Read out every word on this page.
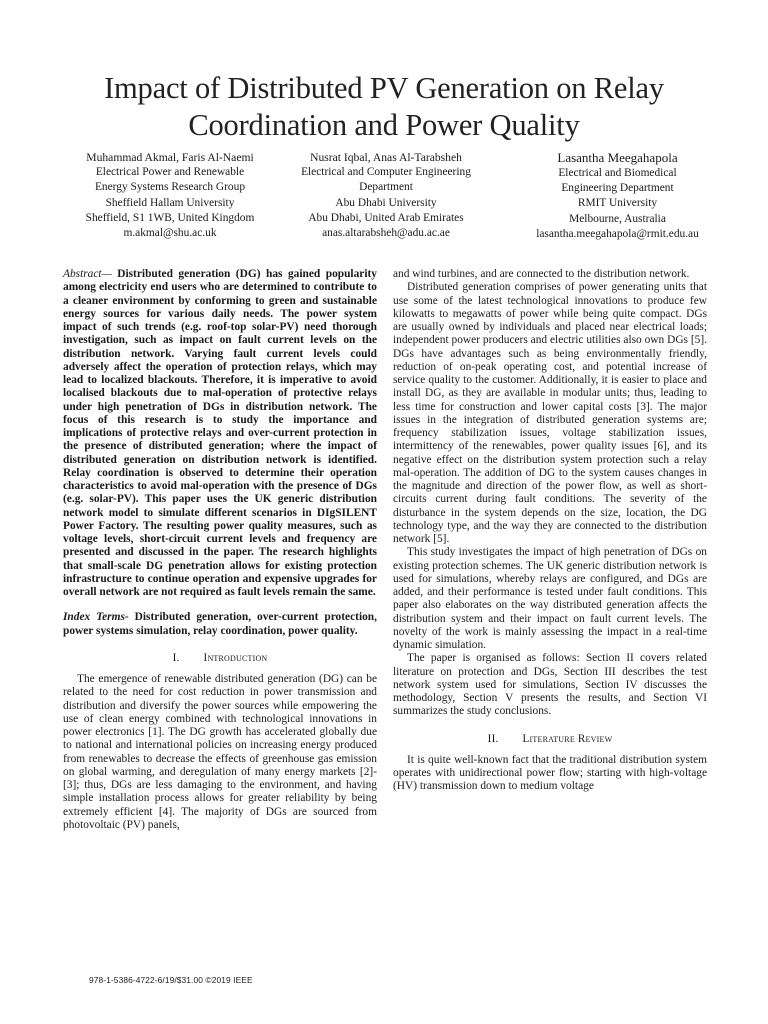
Impact of Distributed PV Generation on Relay
Coordination and Power Quality
Muhammad Akmal, Faris Al-Naemi
Electrical Power and Renewable
Energy Systems Research Group
Sheffield Hallam University
Sheffield, S1 1WB, United Kingdom
m.akmal@shu.ac.uk
Nusrat Iqbal, Anas Al-Tarabsheh
Electrical and Computer Engineering
Department
Abu Dhabi University
Abu Dhabi, United Arab Emirates
anas.altarabsheh@adu.ac.ae
Lasantha Meegahapola
Electrical and Biomedical
Engineering Department
RMIT University
Melbourne, Australia
lasantha.meegahapola@rmit.edu.au

Abstract— Distributed generation (DG) has gained popularity among electricity end users who are determined to contribute to a cleaner environment by conforming to green and sustainable energy sources for various daily needs. The power system impact of such trends (e.g. roof-top solar-PV) need thorough investigation, such as impact on fault current levels on the distribution network. Varying fault current levels could adversely affect the operation of protection relays, which may lead to localized blackouts. Therefore, it is imperative to avoid localised blackouts due to mal-operation of protective relays under high penetration of DGs in distribution network. The focus of this research is to study the importance and implications of protective relays and over-current protection in the presence of distributed generation; where the impact of distributed generation on distribution network is identified. Relay coordination is observed to determine their operation characteristics to avoid mal-operation with the presence of DGs (e.g. solar-PV). This paper uses the UK generic distribution network model to simulate different scenarios in DIgSILENT Power Factory. The resulting power quality measures, such as voltage levels, short-circuit current levels and frequency are presented and discussed in the paper. The research highlights that small-scale DG penetration allows for existing protection infrastructure to continue operation and expensive upgrades for overall network are not required as fault levels remain the same.

Index Terms- Distributed generation, over-current protection, power systems simulation, relay coordination, power quality.

I. Introduction

The emergence of renewable distributed generation (DG) can be related to the need for cost reduction in power transmission and distribution and diversify the power sources while empowering the use of clean energy combined with technological innovations in power electronics [1]. The DG growth has accelerated globally due to national and international policies on increasing energy produced from renewables to decrease the effects of greenhouse gas emission on global warming, and deregulation of many energy markets [2]-[3]; thus, DGs are less damaging to the environment, and having simple installation process allows for greater reliability by being extremely efficient [4]. The majority of DGs are sourced from photovoltaic (PV) panels,

and wind turbines, and are connected to the distribution network.

Distributed generation comprises of power generating units that use some of the latest technological innovations to produce few kilowatts to megawatts of power while being quite compact. DGs are usually owned by individuals and placed near electrical loads; independent power producers and electric utilities also own DGs [5]. DGs have advantages such as being environmentally friendly, reduction of on-peak operating cost, and potential increase of service quality to the customer. Additionally, it is easier to place and install DG, as they are available in modular units; thus, leading to less time for construction and lower capital costs [3]. The major issues in the integration of distributed generation systems are; frequency stabilization issues, voltage stabilization issues, intermittency of the renewables, power quality issues [6], and its negative effect on the distribution system protection such a relay mal-operation. The addition of DG to the system causes changes in the magnitude and direction of the power flow, as well as short-circuits current during fault conditions. The severity of the disturbance in the system depends on the size, location, the DG technology type, and the way they are connected to the distribution network [5].

This study investigates the impact of high penetration of DGs on existing protection schemes. The UK generic distribution network is used for simulations, whereby relays are configured, and DGs are added, and their performance is tested under fault conditions. This paper also elaborates on the way distributed generation affects the distribution system and their impact on fault current levels. The novelty of the work is mainly assessing the impact in a real-time dynamic simulation.

The paper is organised as follows: Section II covers related literature on protection and DGs, Section III describes the test network system used for simulations, Section IV discusses the methodology, Section V presents the results, and Section VI summarizes the study conclusions.

II. Literature Review

It is quite well-known fact that the traditional distribution system operates with unidirectional power flow; starting with high-voltage (HV) transmission down to medium voltage

978-1-5386-4722-6/19/$31.00 ©2019 IEEE
